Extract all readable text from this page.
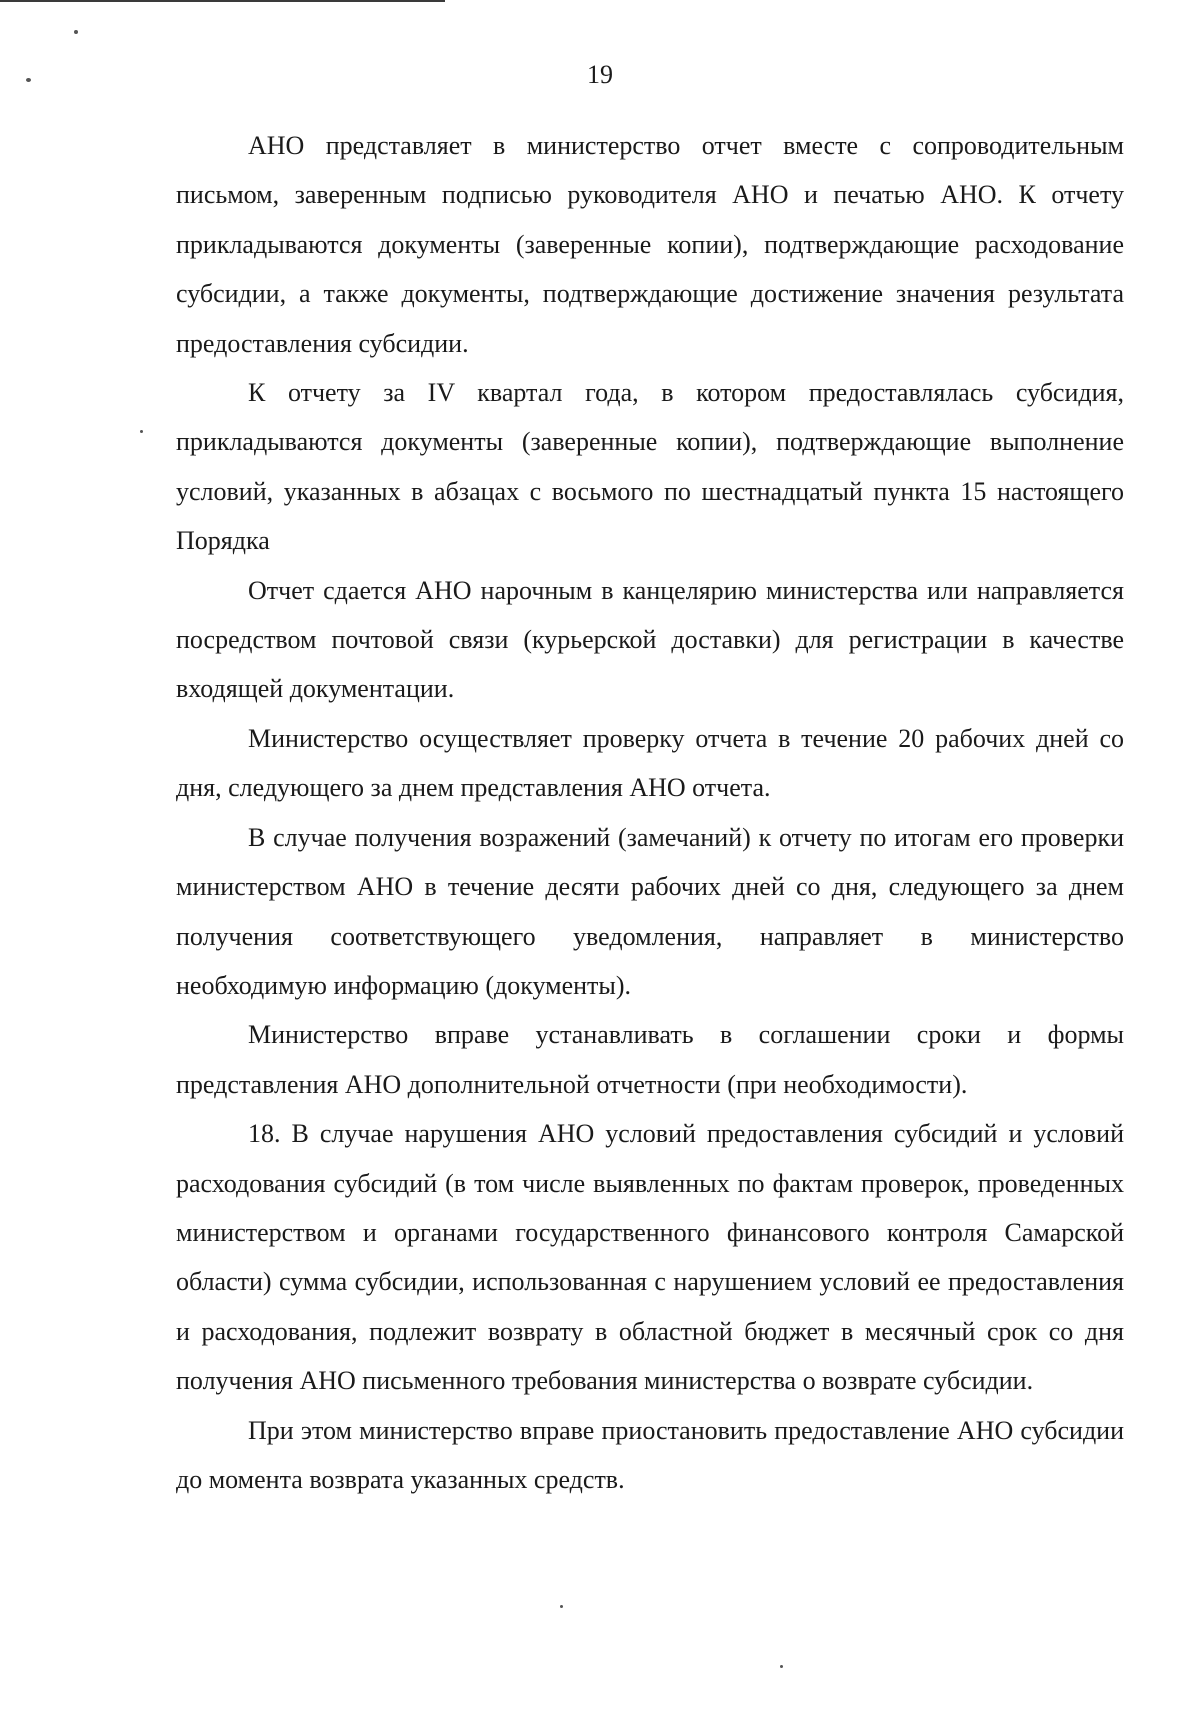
19

АНО представляет в министерство отчет вместе с сопроводительным письмом, заверенным подписью руководителя АНО и печатью АНО. К отчету прикладываются документы (заверенные копии), подтверждающие расходование субсидии, а также документы, подтверждающие достижение значения результата предоставления субсидии.

К отчету за IV квартал года, в котором предоставлялась субсидия, прикладываются документы (заверенные копии), подтверждающие выполнение условий, указанных в абзацах с восьмого по шестнадцатый пункта 15 настоящего Порядка

Отчет сдается АНО нарочным в канцелярию министерства или направляется посредством почтовой связи (курьерской доставки) для регистрации в качестве входящей документации.

Министерство осуществляет проверку отчета в течение 20 рабочих дней со дня, следующего за днем представления АНО отчета.

В случае получения возражений (замечаний) к отчету по итогам его проверки министерством АНО в течение десяти рабочих дней со дня, следующего за днем получения соответствующего уведомления, направляет в министерство необходимую информацию (документы).

Министерство вправе устанавливать в соглашении сроки и формы представления АНО дополнительной отчетности (при необходимости).

18. В случае нарушения АНО условий предоставления субсидий и условий расходования субсидий (в том числе выявленных по фактам проверок, проведенных министерством и органами государственного финансового контроля Самарской области) сумма субсидии, использованная с нарушением условий ее предоставления и расходования, подлежит возврату в областной бюджет в месячный срок со дня получения АНО письменного требования министерства о возврате субсидии.

При этом министерство вправе приостановить предоставление АНО субсидии до момента возврата указанных средств.
